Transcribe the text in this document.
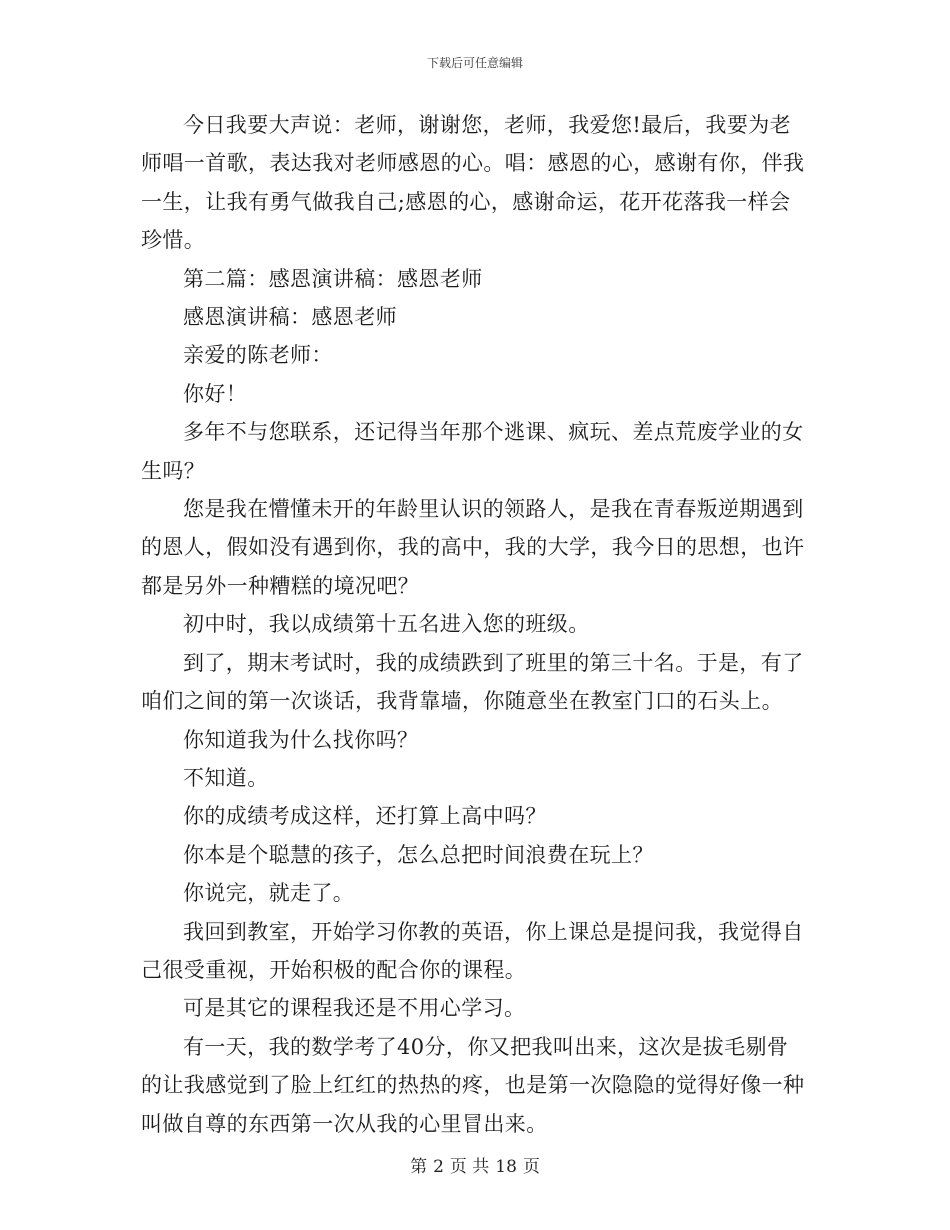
下载后可任意编辑

今日我要大声说：老师，谢谢您，老师，我爱您!最后，我要为老师唱一首歌，表达我对老师感恩的心。唱：感恩的心，感谢有你，伴我一生，让我有勇气做我自己;感恩的心，感谢命运，花开花落我一样会珍惜。

第二篇：感恩演讲稿：感恩老师

感恩演讲稿：感恩老师

亲爱的陈老师：

你好！

多年不与您联系，还记得当年那个逃课、疯玩、差点荒废学业的女生吗？

您是我在懵懂未开的年龄里认识的领路人，是我在青春叛逆期遇到的恩人，假如没有遇到你，我的高中，我的大学，我今日的思想，也许都是另外一种糟糕的境况吧？

初中时，我以成绩第十五名进入您的班级。

到了，期末考试时，我的成绩跌到了班里的第三十名。于是，有了咱们之间的第一次谈话，我背靠墙，你随意坐在教室门口的石头上。

你知道我为什么找你吗？

不知道。

你的成绩考成这样，还打算上高中吗？

你本是个聪慧的孩子，怎么总把时间浪费在玩上？

你说完，就走了。

我回到教室，开始学习你教的英语，你上课总是提问我，我觉得自己很受重视，开始积极的配合你的课程。

可是其它的课程我还是不用心学习。

有一天，我的数学考了40分，你又把我叫出来，这次是拔毛剔骨的让我感觉到了脸上红红的热热的疼，也是第一次隐隐的觉得好像一种叫做自尊的东西第一次从我的心里冒出来。

第 2 页 共 18 页
